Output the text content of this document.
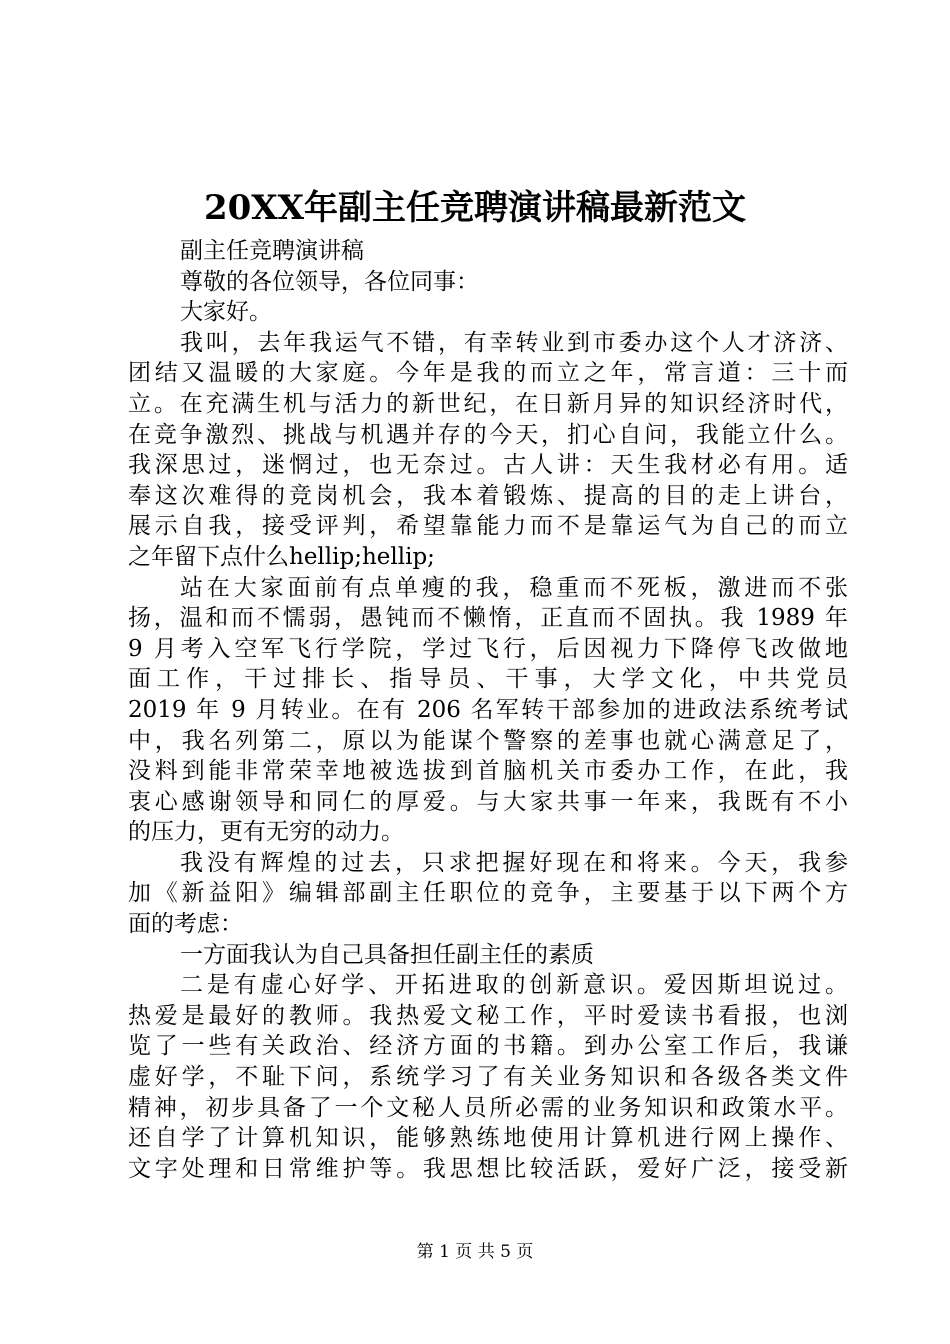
20XX年副主任竞聘演讲稿最新范文
副主任竞聘演讲稿
尊敬的各位领导，各位同事：
大家好。
我叫，去年我运气不错，有幸转业到市委办这个人才济济、
团结又温暖的大家庭。今年是我的而立之年，常言道：三十而
立。在充满生机与活力的新世纪，在日新月异的知识经济时代，
在竞争激烈、挑战与机遇并存的今天，扪心自问，我能立什么。
我深思过，迷惘过，也无奈过。古人讲：天生我材必有用。适
奉这次难得的竞岗机会，我本着锻炼、提高的目的走上讲台，
展示自我，接受评判，希望靠能力而不是靠运气为自己的而立
之年留下点什么hellip;hellip;
站在大家面前有点单瘦的我，稳重而不死板，激进而不张
扬，温和而不懦弱，愚钝而不懒惰，正直而不固执。我 1989 年
9 月考入空军飞行学院，学过飞行，后因视力下降停飞改做地
面工作，干过排长、指导员、干事，大学文化，中共党员
2019 年 9 月转业。在有 206 名军转干部参加的进政法系统考试
中，我名列第二，原以为能谋个警察的差事也就心满意足了，
没料到能非常荣幸地被选拔到首脑机关市委办工作，在此，我
衷心感谢领导和同仁的厚爱。与大家共事一年来，我既有不小
的压力，更有无穷的动力。
我没有辉煌的过去，只求把握好现在和将来。今天，我参
加《新益阳》编辑部副主任职位的竞争，主要基于以下两个方
面的考虑：
一方面我认为自己具备担任副主任的素质
二是有虚心好学、开拓进取的创新意识。爱因斯坦说过。
热爱是最好的教师。我热爱文秘工作，平时爱读书看报，也浏
览了一些有关政治、经济方面的书籍。到办公室工作后，我谦
虚好学，不耻下问，系统学习了有关业务知识和各级各类文件
精神，初步具备了一个文秘人员所必需的业务知识和政策水平。
还自学了计算机知识，能够熟练地使用计算机进行网上操作、
文字处理和日常维护等。我思想比较活跃，爱好广泛，接受新
第 1 页 共 5 页
